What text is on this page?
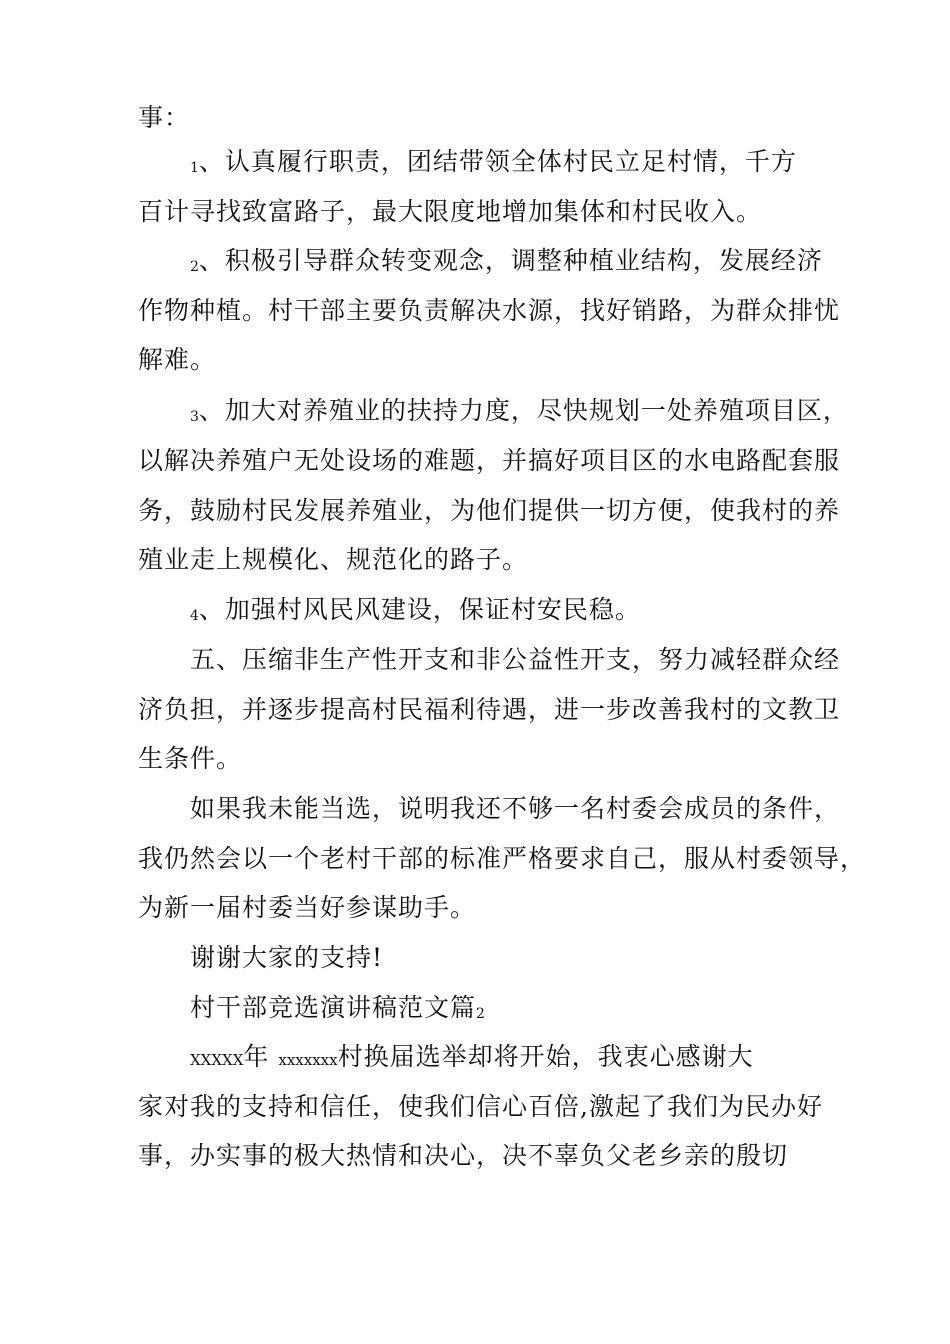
事：
1、认真履行职责，团结带领全体村民立足村情，千方
百计寻找致富路子，最大限度地增加集体和村民收入。
2、积极引导群众转变观念，调整种植业结构，发展经济
作物种植。村干部主要负责解决水源，找好销路，为群众排忧
解难。
3、加大对养殖业的扶持力度，尽快规划一处养殖项目区，
以解决养殖户无处设场的难题，并搞好项目区的水电路配套服
务，鼓励村民发展养殖业，为他们提供一切方便，使我村的养
殖业走上规模化、规范化的路子。
4、加强村风民风建设，保证村安民稳。
五、压缩非生产性开支和非公益性开支，努力减轻群众经
济负担，并逐步提高村民福利待遇，进一步改善我村的文教卫
生条件。
如果我未能当选，说明我还不够一名村委会成员的条件，
我仍然会以一个老村干部的标准严格要求自己，服从村委领导，
为新一届村委当好参谋助手。
谢谢大家的支持!
村干部竞选演讲稿范文篇2
XXXXX年 xxxxxxx村换届选举却将开始，我衷心感谢大
家对我的支持和信任，使我们信心百倍,激起了我们为民办好
事，办实事的极大热情和决心，决不辜负父老乡亲的殷切
